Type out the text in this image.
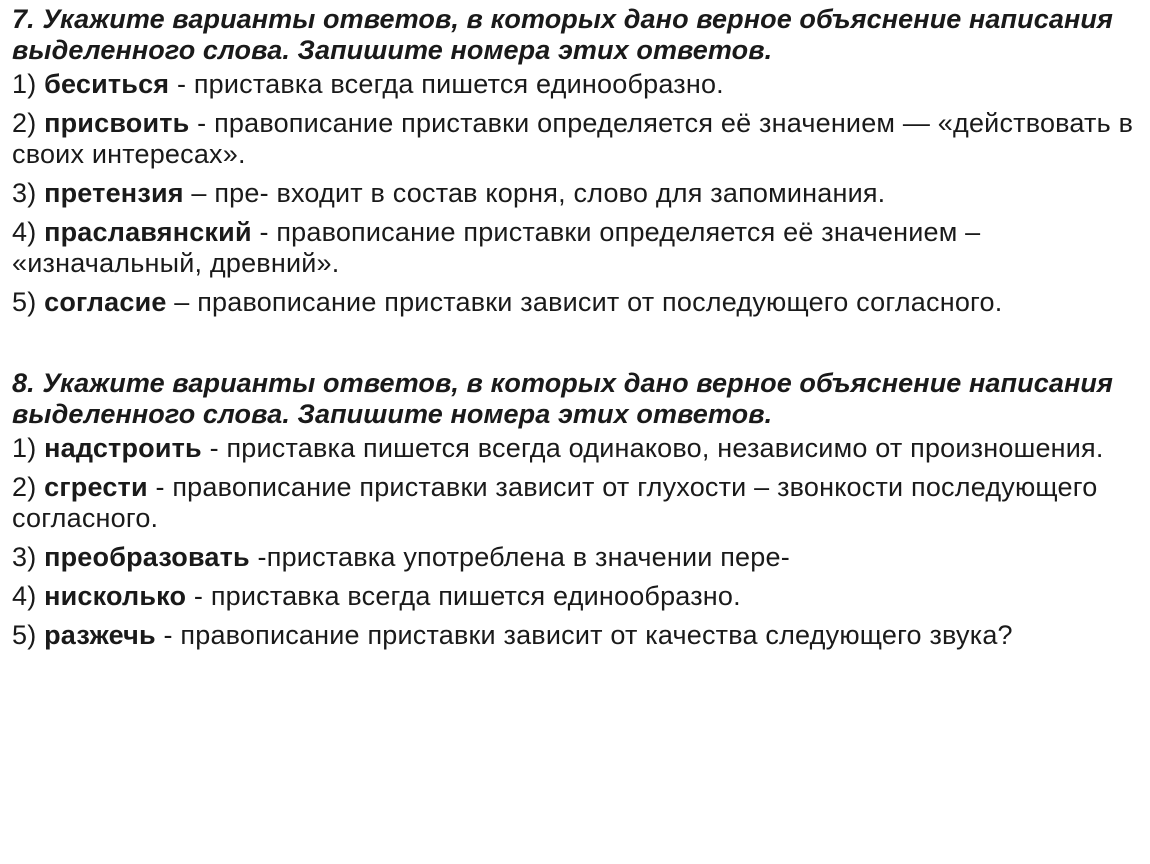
7. Укажите варианты ответов, в которых дано верное объяснение написания выделенного слова. Запишите номера этих ответов.

1) беситься - приставка всегда пишется единообразно.

2) присвоить - правописание приставки определяется её значением — «действовать в своих интересах».

3) претензия – пре- входит в состав корня, слово для запоминания.

4) праславянский - правописание приставки определяется её значением – «изначальный, древний».

5) согласие – правописание приставки зависит от последующего согласного.

8. Укажите варианты ответов, в которых дано верное объяснение написания выделенного слова. Запишите номера этих ответов.

1) надстроить - приставка пишется всегда одинаково, независимо от произношения.

2) сгрести - правописание приставки зависит от глухости – звонкости последующего согласного.

3) преобразовать -приставка употреблена в значении пере-

4) нисколько - приставка всегда пишется единообразно.

5) разжечь - правописание приставки зависит от качества следующего звука?
